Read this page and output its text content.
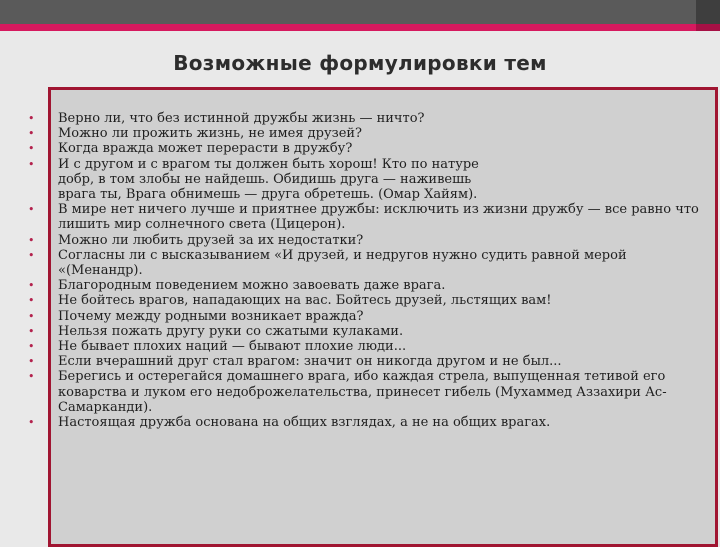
Возможные формулировки тем
• Верно ли, что без истинной дружбы жизнь — ничто?
• Можно ли прожить жизнь, не имея друзей?
• Когда вражда может перерасти в дружбу?
• И с другом и с врагом ты должен быть хорош! Кто по натуре добр, в том злобы не найдешь. Обидишь друга — наживешь врага ты, Врага обнимешь — друга обретешь. (Омар Хайям).
• В мире нет ничего лучше и приятнее дружбы: исключить из жизни дружбу — все равно что лишить мир солнечного света (Цицерон).
• Можно ли любить друзей за их недостатки?
• Согласны ли с высказыванием «И друзей, и недругов нужно судить равной мерой «(Менандр).
• Благородным поведением можно завоевать даже врага.
• Не бойтесь врагов, нападающих на вас. Бойтесь друзей, льстящих вам!
• Почему между родными возникает вражда?
• Нельзя пожать другу руки со сжатыми кулаками.
• Не бывает плохих наций — бывают плохие люди...
• Если вчерашний друг стал врагом: значит он никогда другом и не был...
• Берегись и остерегайся домашнего врага, ибо каждая стрела, выпущенная тетивой его коварства и луком его недоброжелательства, принесет гибель (Мухаммед Аззахири Ас-Самарканди).
• Настоящая дружба основана на общих взглядах, а не на общих врагах.
